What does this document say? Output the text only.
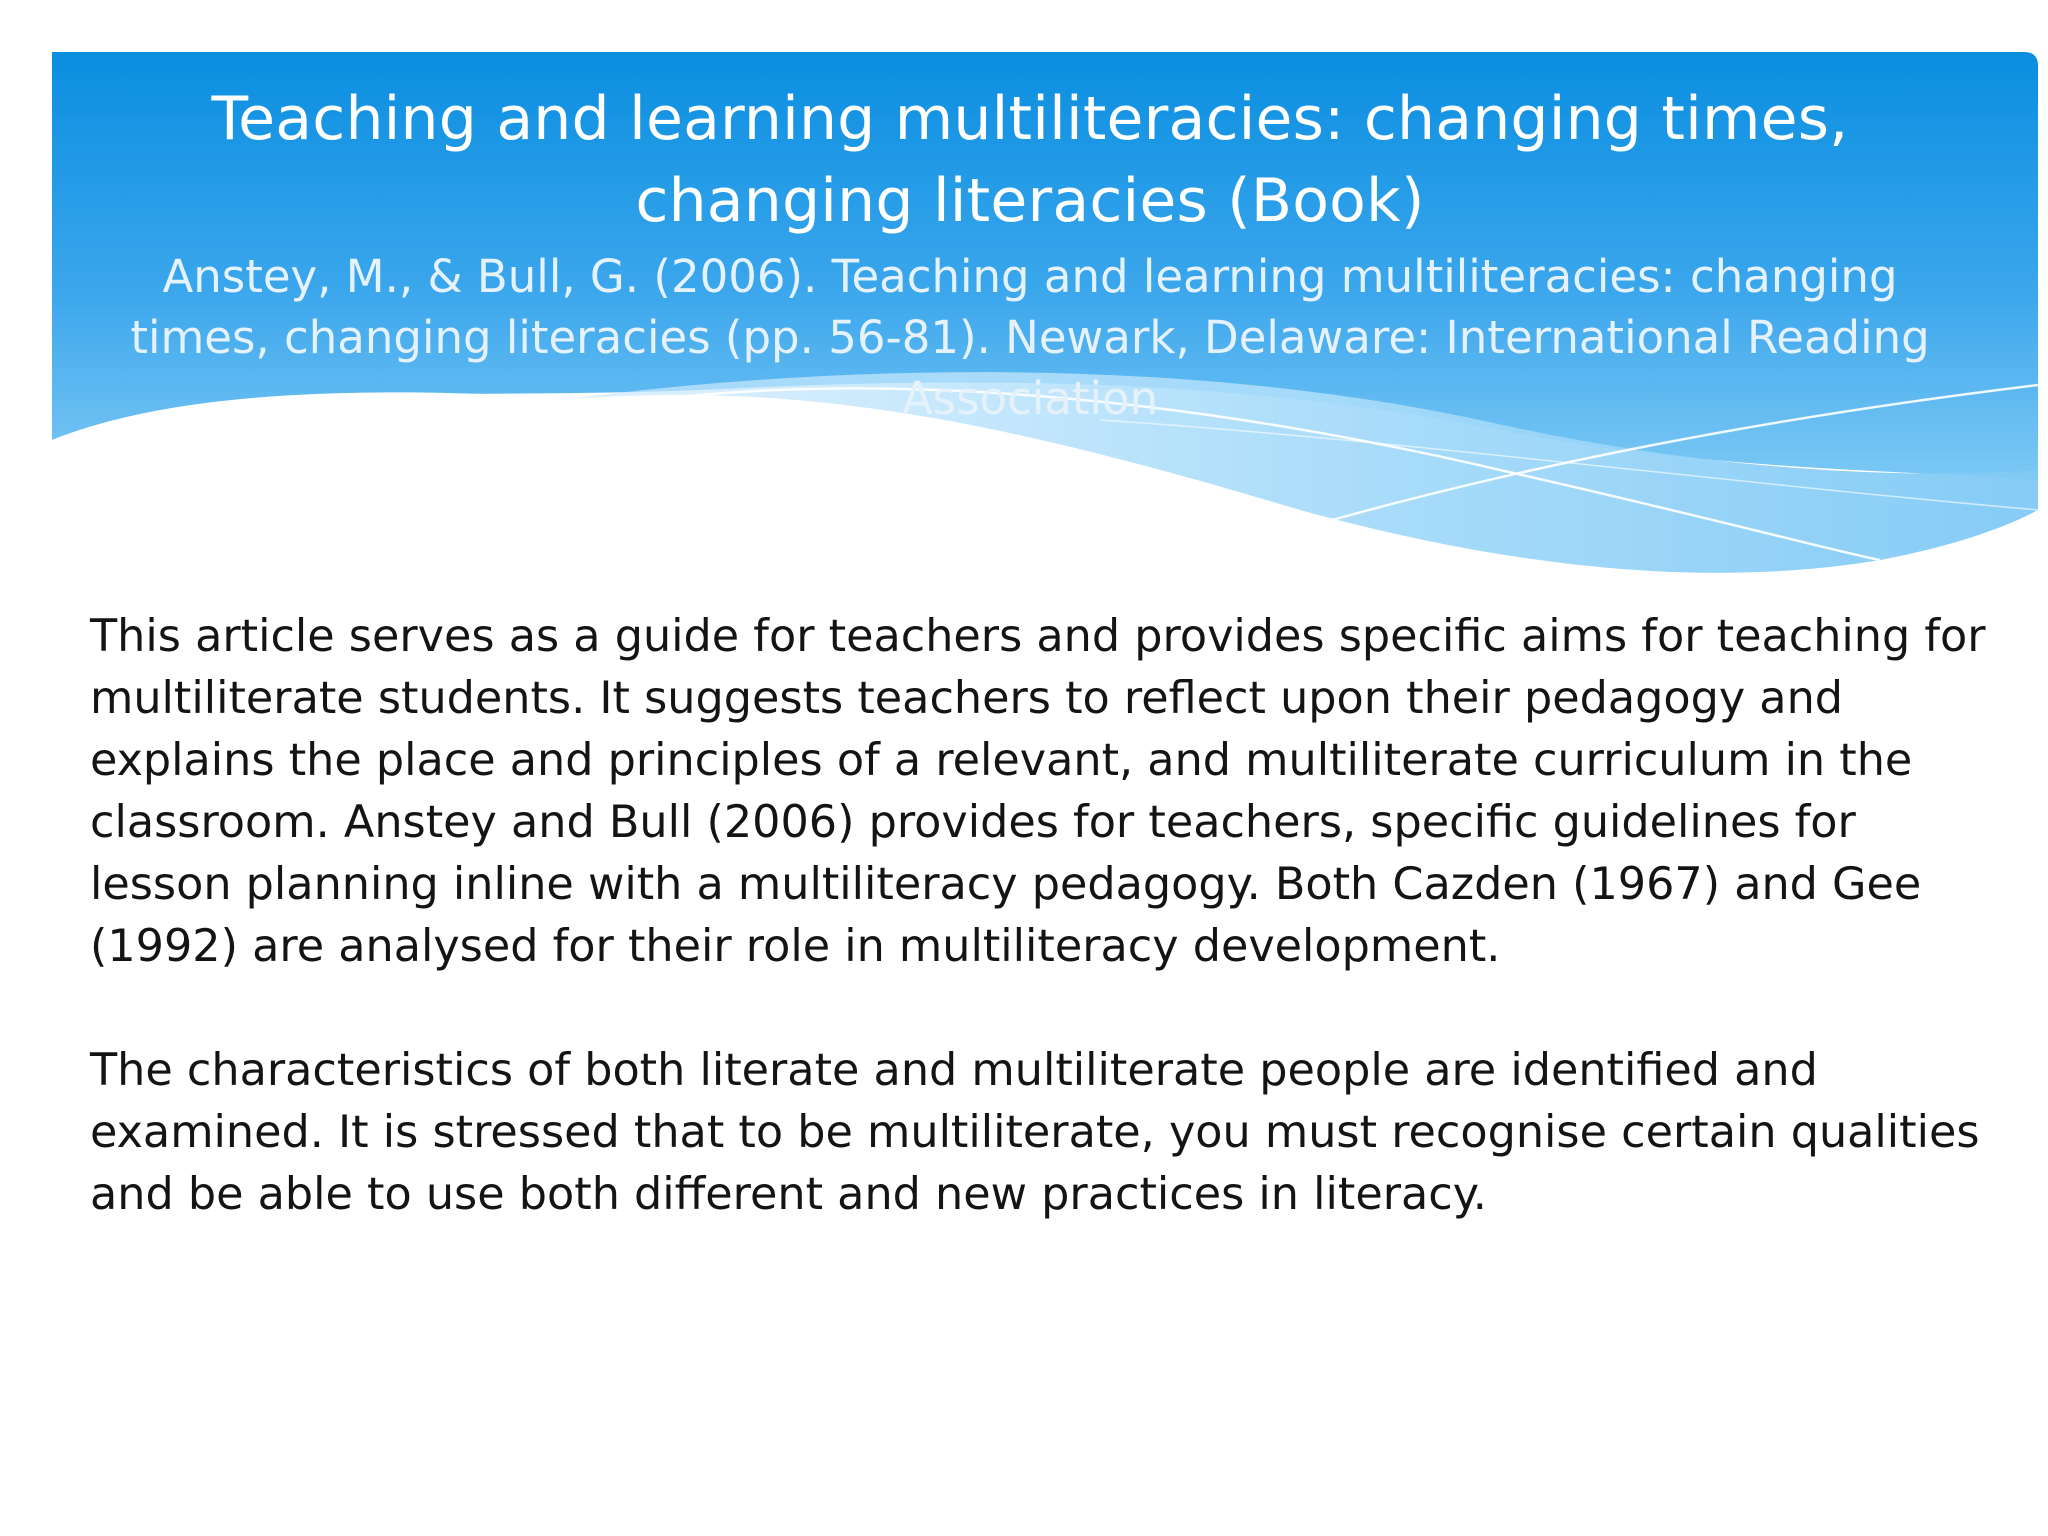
Teaching and learning multiliteracies: changing times, changing literacies (Book)
Anstey, M., & Bull, G. (2006). Teaching and learning multiliteracies: changing times, changing literacies (pp. 56-81). Newark, Delaware: International Reading Association

This article serves as a guide for teachers and provides specific aims for teaching for multiliterate students. It suggests teachers to reflect upon their pedagogy and explains the place and principles of a relevant, and multiliterate curriculum in the classroom. Anstey and Bull (2006) provides for teachers, specific guidelines for lesson planning inline with a multiliteracy pedagogy. Both Cazden (1967) and Gee (1992) are analysed for their role in multiliteracy development.

The characteristics of both literate and multiliterate people are identified and examined. It is stressed that to be multiliterate, you must recognise certain qualities and be able to use both different and new practices in literacy.
